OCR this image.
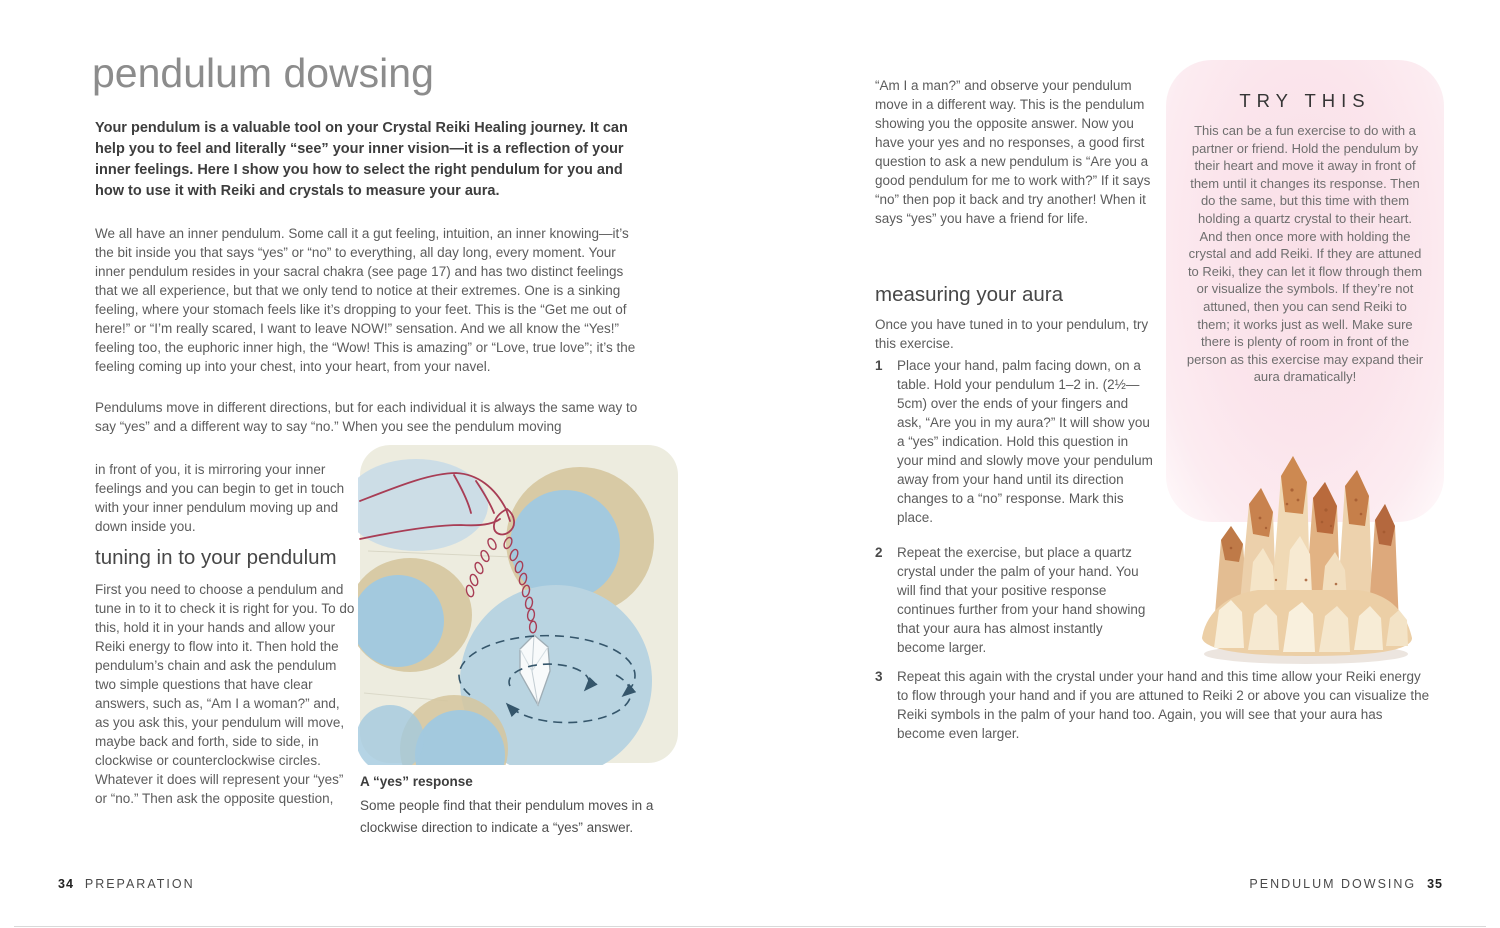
pendulum dowsing
Your pendulum is a valuable tool on your Crystal Reiki Healing journey. It can help you to feel and literally “see” your inner vision—it is a reflection of your inner feelings. Here I show you how to select the right pendulum for you and how to use it with Reiki and crystals to measure your aura.
We all have an inner pendulum. Some call it a gut feeling, intuition, an inner knowing—it’s the bit inside you that says “yes” or “no” to everything, all day long, every moment. Your inner pendulum resides in your sacral chakra (see page 17) and has two distinct feelings that we all experience, but that we only tend to notice at their extremes. One is a sinking feeling, where your stomach feels like it’s dropping to your feet. This is the “Get me out of here!” or “I’m really scared, I want to leave NOW!” sensation. And we all know the “Yes!” feeling too, the euphoric inner high, the “Wow! This is amazing” or “Love, true love”; it’s the feeling coming up into your chest, into your heart, from your navel.
Pendulums move in different directions, but for each individual it is always the same way to say “yes” and a different way to say “no.” When you see the pendulum moving
in front of you, it is mirroring your inner feelings and you can begin to get in touch with your inner pendulum moving up and down inside you.
tuning in to your pendulum
First you need to choose a pendulum and tune in to it to check it is right for you. To do this, hold it in your hands and allow your Reiki energy to flow into it. Then hold the pendulum’s chain and ask the pendulum two simple questions that have clear answers, such as, “Am I a woman?” and, as you ask this, your pendulum will move, maybe back and forth, side to side, in clockwise or counterclockwise circles. Whatever it does will represent your “yes” or “no.” Then ask the opposite question,
A “yes” response
Some people find that their pendulum moves in a clockwise direction to indicate a “yes” answer.
34 PREPARATION
“Am I a man?” and observe your pendulum move in a different way. This is the pendulum showing you the opposite answer. Now you have your yes and no responses, a good first question to ask a new pendulum is “Are you a good pendulum for me to work with?” If it says “no” then pop it back and try another! When it says “yes” you have a friend for life.
measuring your aura
Once you have tuned in to your pendulum, try this exercise.
1	Place your hand, palm facing down, on a table. Hold your pendulum 1–2 in. (2½—5cm) over the ends of your fingers and ask, “Are you in my aura?” It will show you a “yes” indication. Hold this question in your mind and slowly move your pendulum away from your hand until its direction changes to a “no” response. Mark this place.
2	Repeat the exercise, but place a quartz crystal under the palm of your hand. You will find that your positive response continues further from your hand showing that your aura has almost instantly become larger.
3	Repeat this again with the crystal under your hand and this time allow your Reiki energy to flow through your hand and if you are attuned to Reiki 2 or above you can visualize the Reiki symbols in the palm of your hand too. Again, you will see that your aura has become even larger.
TRY THIS
This can be a fun exercise to do with a partner or friend. Hold the pendulum by their heart and move it away in front of them until it changes its response. Then do the same, but this time with them holding a quartz crystal to their heart. And then once more with holding the crystal and add Reiki. If they are attuned to Reiki, they can let it flow through them or visualize the symbols. If they’re not attuned, then you can send Reiki to them; it works just as well. Make sure there is plenty of room in front of the person as this exercise may expand their aura dramatically!
PENDULUM DOWSING 35
